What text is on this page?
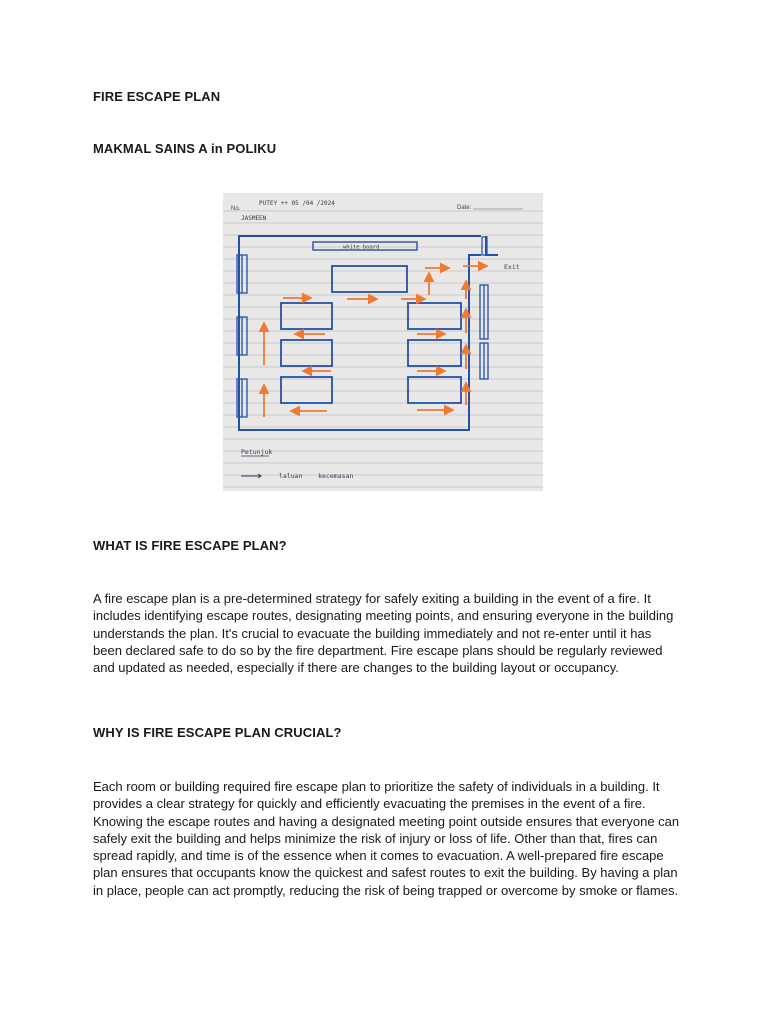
FIRE ESCAPE PLAN

MAKMAL SAINS A in POLIKU

No.
PUTEY ++ 05 /04 /2024
Date:
JASMEEN
white board
Exit
Petunjuk
laluan    kecemasan

WHAT IS FIRE ESCAPE PLAN?

A fire escape plan is a pre-determined strategy for safely exiting a building in the event of a fire. It includes identifying escape routes, designating meeting points, and ensuring everyone in the building understands the plan. It's crucial to evacuate the building immediately and not re-enter until it has been declared safe to do so by the fire department. Fire escape plans should be regularly reviewed and updated as needed, especially if there are changes to the building layout or occupancy.

WHY IS FIRE ESCAPE PLAN CRUCIAL?

Each room or building required fire escape plan to prioritize the safety of individuals in a building. It provides a clear strategy for quickly and efficiently evacuating the premises in the event of a fire. Knowing the escape routes and having a designated meeting point outside ensures that everyone can safely exit the building and helps minimize the risk of injury or loss of life. Other than that, fires can spread rapidly, and time is of the essence when it comes to evacuation. A well-prepared fire escape plan ensures that occupants know the quickest and safest routes to exit the building. By having a plan in place, people can act promptly, reducing the risk of being trapped or overcome by smoke or flames.
